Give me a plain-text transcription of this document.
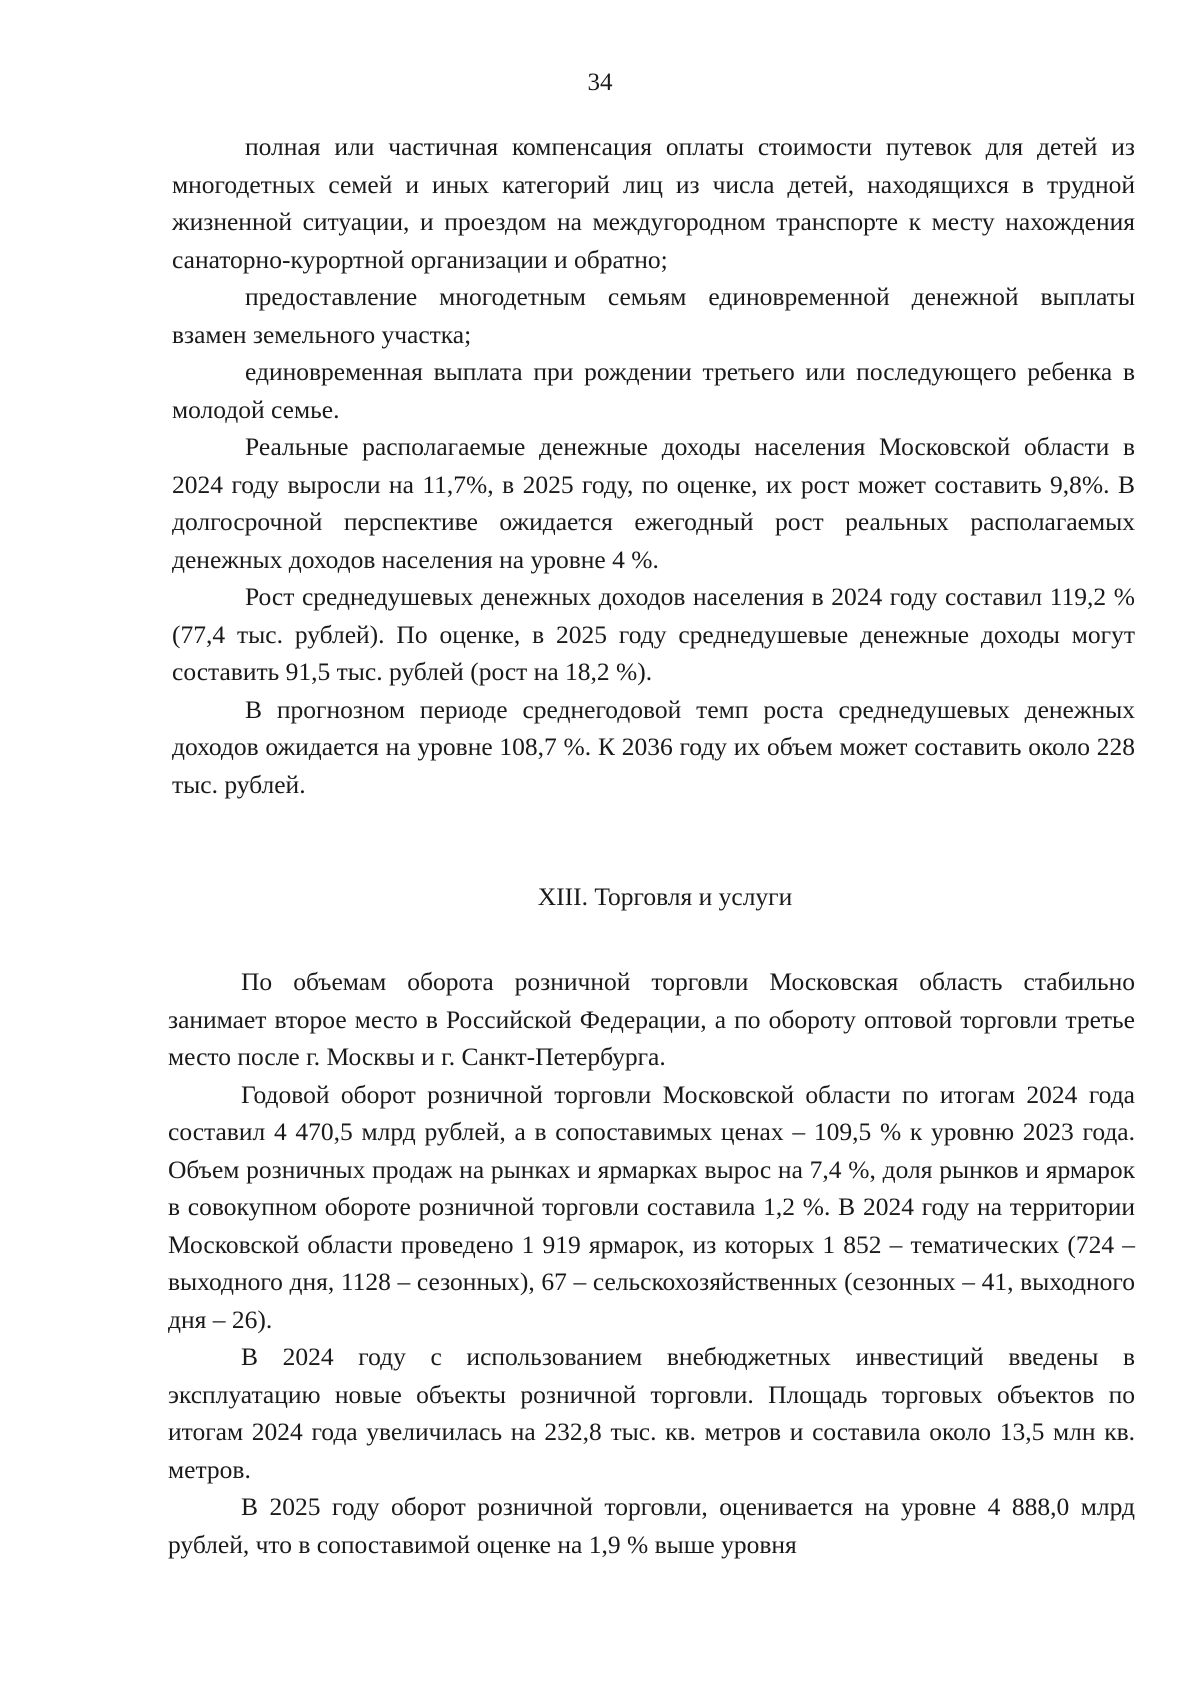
34

полная или частичная компенсация оплаты стоимости путевок для детей из многодетных семей и иных категорий лиц из числа детей, находящихся в трудной жизненной ситуации, и проездом на междугородном транспорте к месту нахождения санаторно-курортной организации и обратно;

предоставление многодетным семьям единовременной денежной выплаты взамен земельного участка;

единовременная выплата при рождении третьего или последующего ребенка в молодой семье.

Реальные располагаемые денежные доходы населения Московской области в 2024 году выросли на 11,7%, в 2025 году, по оценке, их рост может составить 9,8%. В долгосрочной перспективе ожидается ежегодный рост реальных располагаемых денежных доходов населения на уровне 4 %.

Рост среднедушевых денежных доходов населения в 2024 году составил 119,2 % (77,4 тыс. рублей). По оценке, в 2025 году среднедушевые денежные доходы могут составить 91,5 тыс. рублей (рост на 18,2 %).

В прогнозном периоде среднегодовой темп роста среднедушевых денежных доходов ожидается на уровне 108,7 %. К 2036 году их объем может составить около 228 тыс. рублей.

XIII. Торговля и услуги

По объемам оборота розничной торговли Московская область стабильно занимает второе место в Российской Федерации, а по обороту оптовой торговли третье место после г. Москвы и г. Санкт-Петербурга.

Годовой оборот розничной торговли Московской области по итогам 2024 года составил 4 470,5 млрд рублей, а в сопоставимых ценах – 109,5 % к уровню 2023 года. Объем розничных продаж на рынках и ярмарках вырос на 7,4 %, доля рынков и ярмарок в совокупном обороте розничной торговли составила 1,2 %. В 2024 году на территории Московской области проведено 1 919 ярмарок, из которых 1 852 – тематических (724 – выходного дня, 1128 – сезонных), 67 – сельскохозяйственных (сезонных – 41, выходного дня – 26).

В 2024 году с использованием внебюджетных инвестиций введены в эксплуатацию новые объекты розничной торговли. Площадь торговых объектов по итогам 2024 года увеличилась на 232,8 тыс. кв. метров и составила около 13,5 млн кв. метров.

В 2025 году оборот розничной торговли, оценивается на уровне 4 888,0 млрд рублей, что в сопоставимой оценке на 1,9 % выше уровня
